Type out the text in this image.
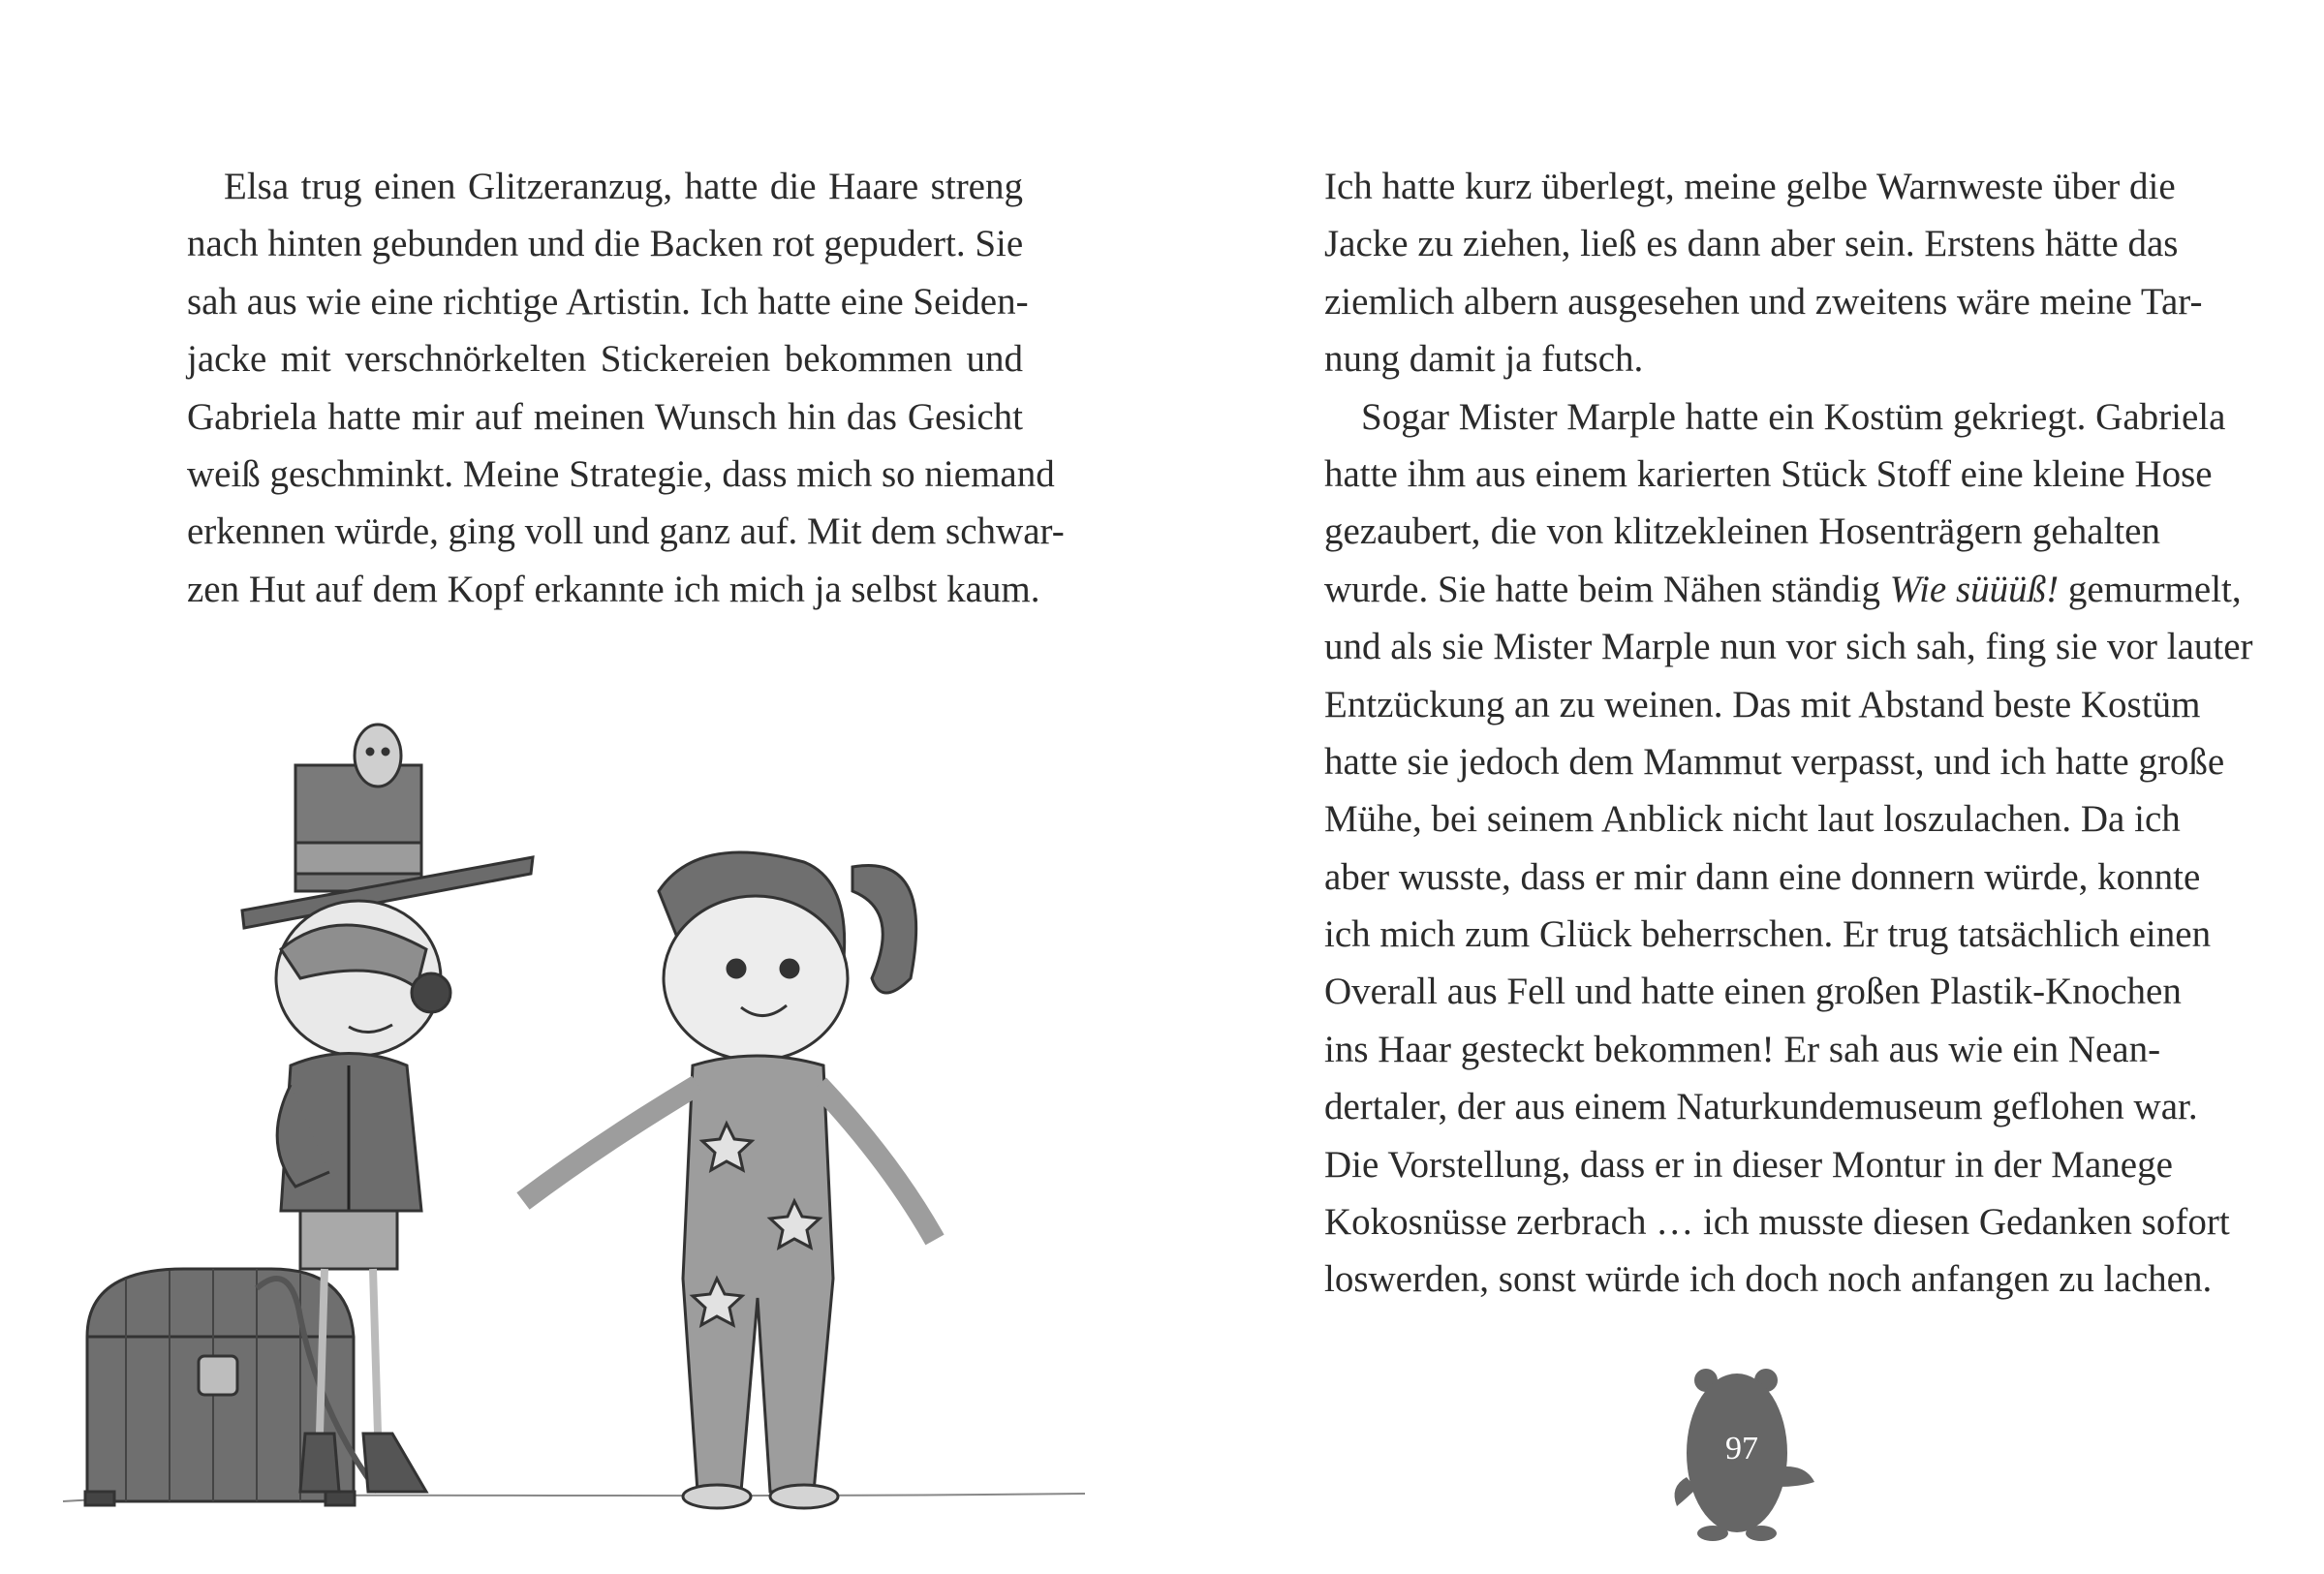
Elsa trug einen Glitzeranzug, hatte die Haare streng
nach hinten gebunden und die Backen rot gepudert. Sie
sah aus wie eine richtige Artistin. Ich hatte eine Seiden-
jacke mit verschnörkelten Stickereien bekommen und
Gabriela hatte mir auf meinen Wunsch hin das Gesicht
weiß geschminkt. Meine Strategie, dass mich so niemand
erkennen würde, ging voll und ganz auf. Mit dem schwar-
zen Hut auf dem Kopf erkannte ich mich ja selbst kaum.
Ich hatte kurz überlegt, meine gelbe Warnweste über die
Jacke zu ziehen, ließ es dann aber sein. Erstens hätte das
ziemlich albern ausgesehen und zweitens wäre meine Tar-
nung damit ja futsch.
Sogar Mister Marple hatte ein Kostüm gekriegt. Gabriela
hatte ihm aus einem karierten Stück Stoff eine kleine Hose
gezaubert, die von klitzekleinen Hosenträgern gehalten
wurde. Sie hatte beim Nähen ständig Wie süüüß! gemurmelt,
und als sie Mister Marple nun vor sich sah, fing sie vor lauter
Entzückung an zu weinen. Das mit Abstand beste Kostüm
hatte sie jedoch dem Mammut verpasst, und ich hatte große
Mühe, bei seinem Anblick nicht laut loszulachen. Da ich
aber wusste, dass er mir dann eine donnern würde, konnte
ich mich zum Glück beherrschen. Er trug tatsächlich einen
Overall aus Fell und hatte einen großen Plastik-Knochen
ins Haar gesteckt bekommen! Er sah aus wie ein Nean-
dertaler, der aus einem Naturkundemuseum geflohen war.
Die Vorstellung, dass er in dieser Montur in der Manege
Kokosnüsse zerbrach … ich musste diesen Gedanken sofort
loswerden, sonst würde ich doch noch anfangen zu lachen.
97
